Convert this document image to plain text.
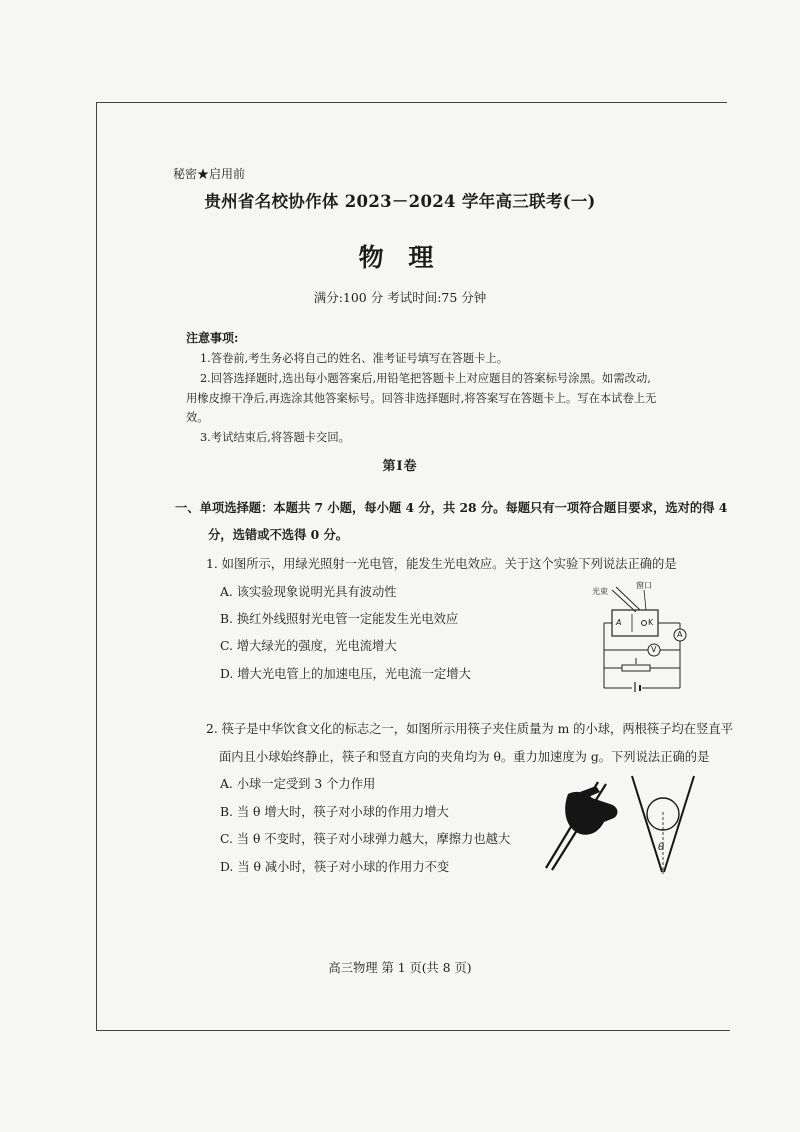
秘密★启用前
贵州省名校协作体 2023－2024 学年高三联考(一)
物 理
满分:100 分 考试时间:75 分钟
注意事项:
1.答卷前,考生务必将自己的姓名、准考证号填写在答题卡上。
2.回答选择题时,选出每小题答案后,用铅笔把答题卡上对应题目的答案标号涂黑。如需改动,
用橡皮擦干净后,再选涂其他答案标号。回答非选择题时,将答案写在答题卡上。写在本试卷上无
效。
3.考试结束后,将答题卡交回。
第Ⅰ卷
一、单项选择题：本题共 7 小题，每小题 4 分，共 28 分。每题只有一项符合题目要求，选对的得 4
分，选错或不选得 0 分。
1. 如图所示，用绿光照射一光电管，能发生光电效应。关于这个实验下列说法正确的是
A. 该实验现象说明光具有波动性
B. 换红外线照射光电管一定能发生光电效应
C. 增大绿光的强度，光电流增大
D. 增大光电管上的加速电压，光电流一定增大
光束
窗口
A	K
A
V
2. 筷子是中华饮食文化的标志之一，如图所示用筷子夹住质量为 m 的小球，两根筷子均在竖直平
面内且小球始终静止，筷子和竖直方向的夹角均为 θ。重力加速度为 g。下列说法正确的是
A. 小球一定受到 3 个力作用
B. 当 θ 增大时，筷子对小球的作用力增大
C. 当 θ 不变时，筷子对小球弹力越大，摩擦力也越大
D. 当 θ 减小时，筷子对小球的作用力不变
θ
高三物理 第 1 页(共 8 页)
